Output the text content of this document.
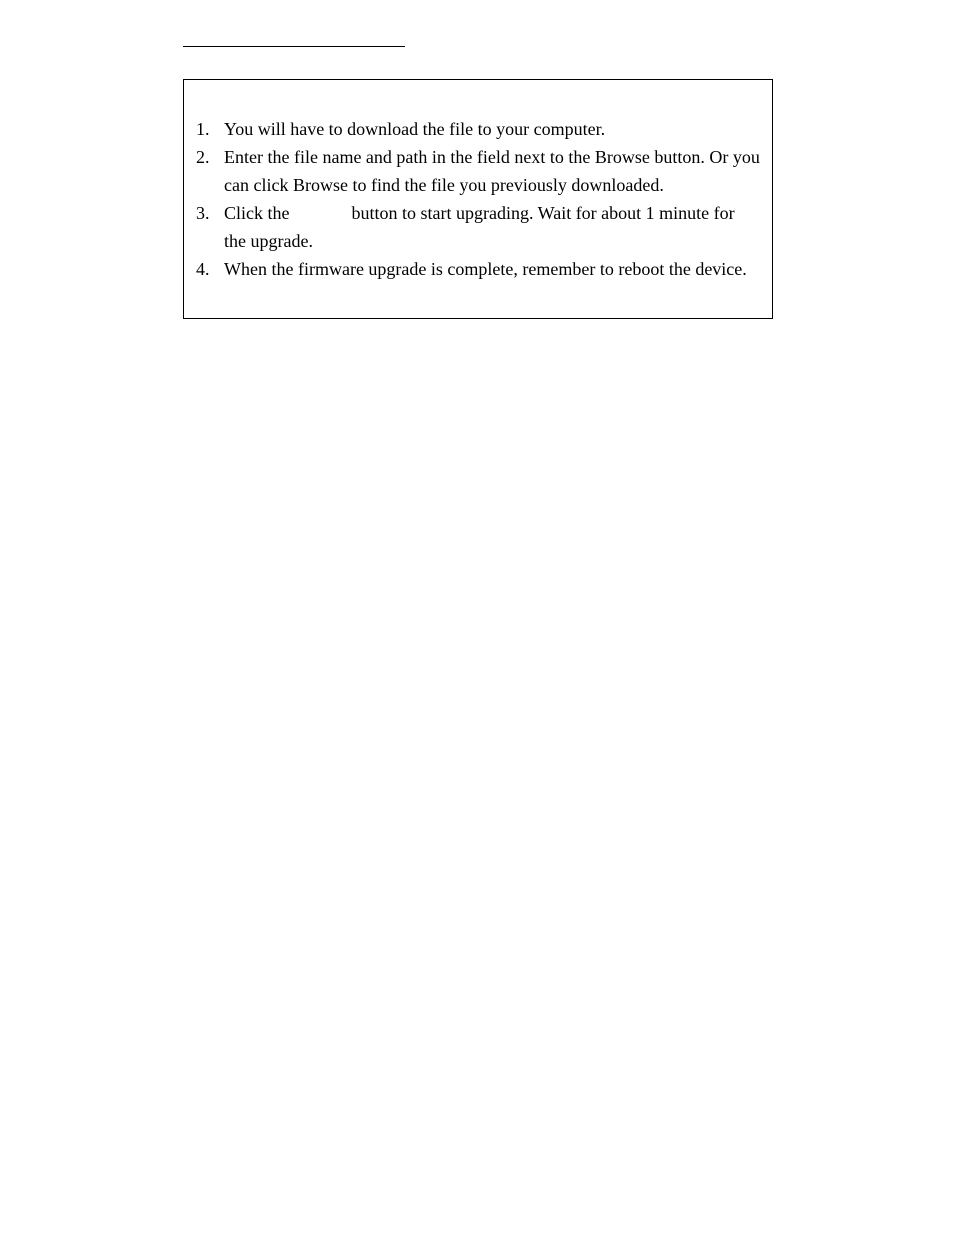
1. You will have to download the file to your computer.
2. Enter the file name and path in the field next to the Browse button. Or you can click Browse to find the file you previously downloaded.
3. Click the	button to start upgrading. Wait for about 1 minute for the upgrade.
4. When the firmware upgrade is complete, remember to reboot the device.
